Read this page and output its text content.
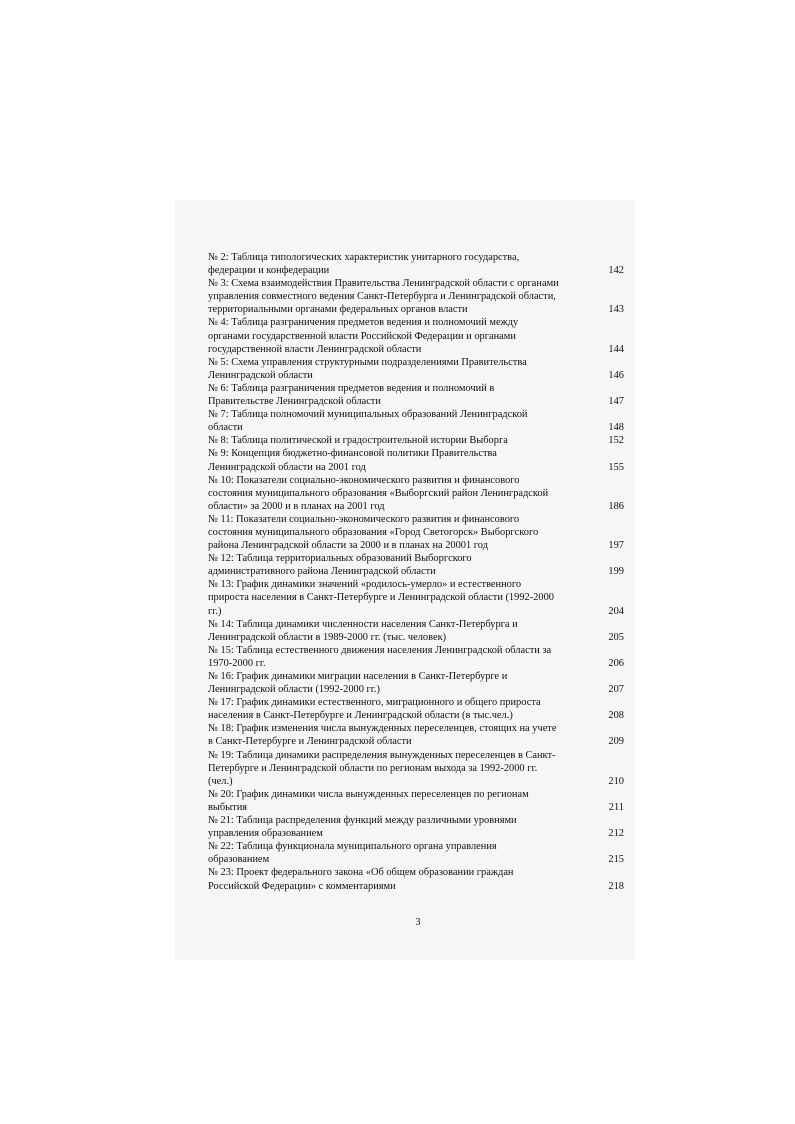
№ 2: Таблица типологических характеристик унитарного государства,
федерации и конфедерации	142
№ 3: Схема взаимодействия Правительства Ленинградской области с органами
управления совместного ведения Санкт-Петербурга и Ленинградской области,
территориальными органами федеральных органов власти	143
№ 4: Таблица разграничения предметов ведения и полномочий между
органами государственной власти Российской Федерации и органами
государственной власти Ленинградской области	144
№ 5: Схема управления структурными подразделениями Правительства
Ленинградской области	146
№ 6: Таблица разграничения предметов ведения и полномочий в
Правительстве Ленинградской области	147
№ 7: Таблица полномочий муниципальных образований Ленинградской
области	148
№ 8: Таблица политической и градостроительной истории Выборга	152
№ 9: Концепция бюджетно-финансовой политики Правительства
Ленинградской области на 2001 год	155
№ 10: Показатели социально-экономического развития и финансового
состояния муниципального образования «Выборгский район Ленинградской
области» за 2000 и в планах на 2001 год	186
№ 11: Показатели социально-экономического развития и финансового
состояния муниципального образования «Город Светогорск» Выборгского
района Ленинградской области за 2000 и в планах на 20001 год	197
№ 12: Таблица территориальных образований Выборгского
административного района Ленинградской области	199
№ 13: График динамики значений «родилось-умерло» и естественного
прироста населения в Санкт-Петербурге и Ленинградской области (1992-2000
гг.)	204
№ 14: Таблица динамики численности населения Санкт-Петербурга и
Ленинградской области в 1989-2000 гг. (тыс. человек)	205
№ 15: Таблица естественного движения населения Ленинградской области за
1970-2000 гг.	206
№ 16: График динамики миграции населения в Санкт-Петербурге и
Ленинградской области (1992-2000 гг.)	207
№ 17: График динамики естественного, миграционного и общего прироста
населения в Санкт-Петербурге и Ленинградской области (в тыс.чел.)	208
№ 18: График изменения числа вынужденных переселенцев, стоящих на учете
в Санкт-Петербурге и Ленинградской области	209
№ 19: Таблица динамики распределения вынужденных переселенцев в Санкт-
Петербурге и Ленинградской области по регионам выхода за 1992-2000 гг.
(чел.)	210
№ 20: График динамики числа вынужденных переселенцев по регионам
выбытия	211
№ 21: Таблица распределения функций между различными уровнями
управления образованием	212
№ 22: Таблица функционала муниципального органа управления
образованием	215
№ 23: Проект федерального закона «Об общем образовании граждан
Российской Федерации» с комментариями	218
3
